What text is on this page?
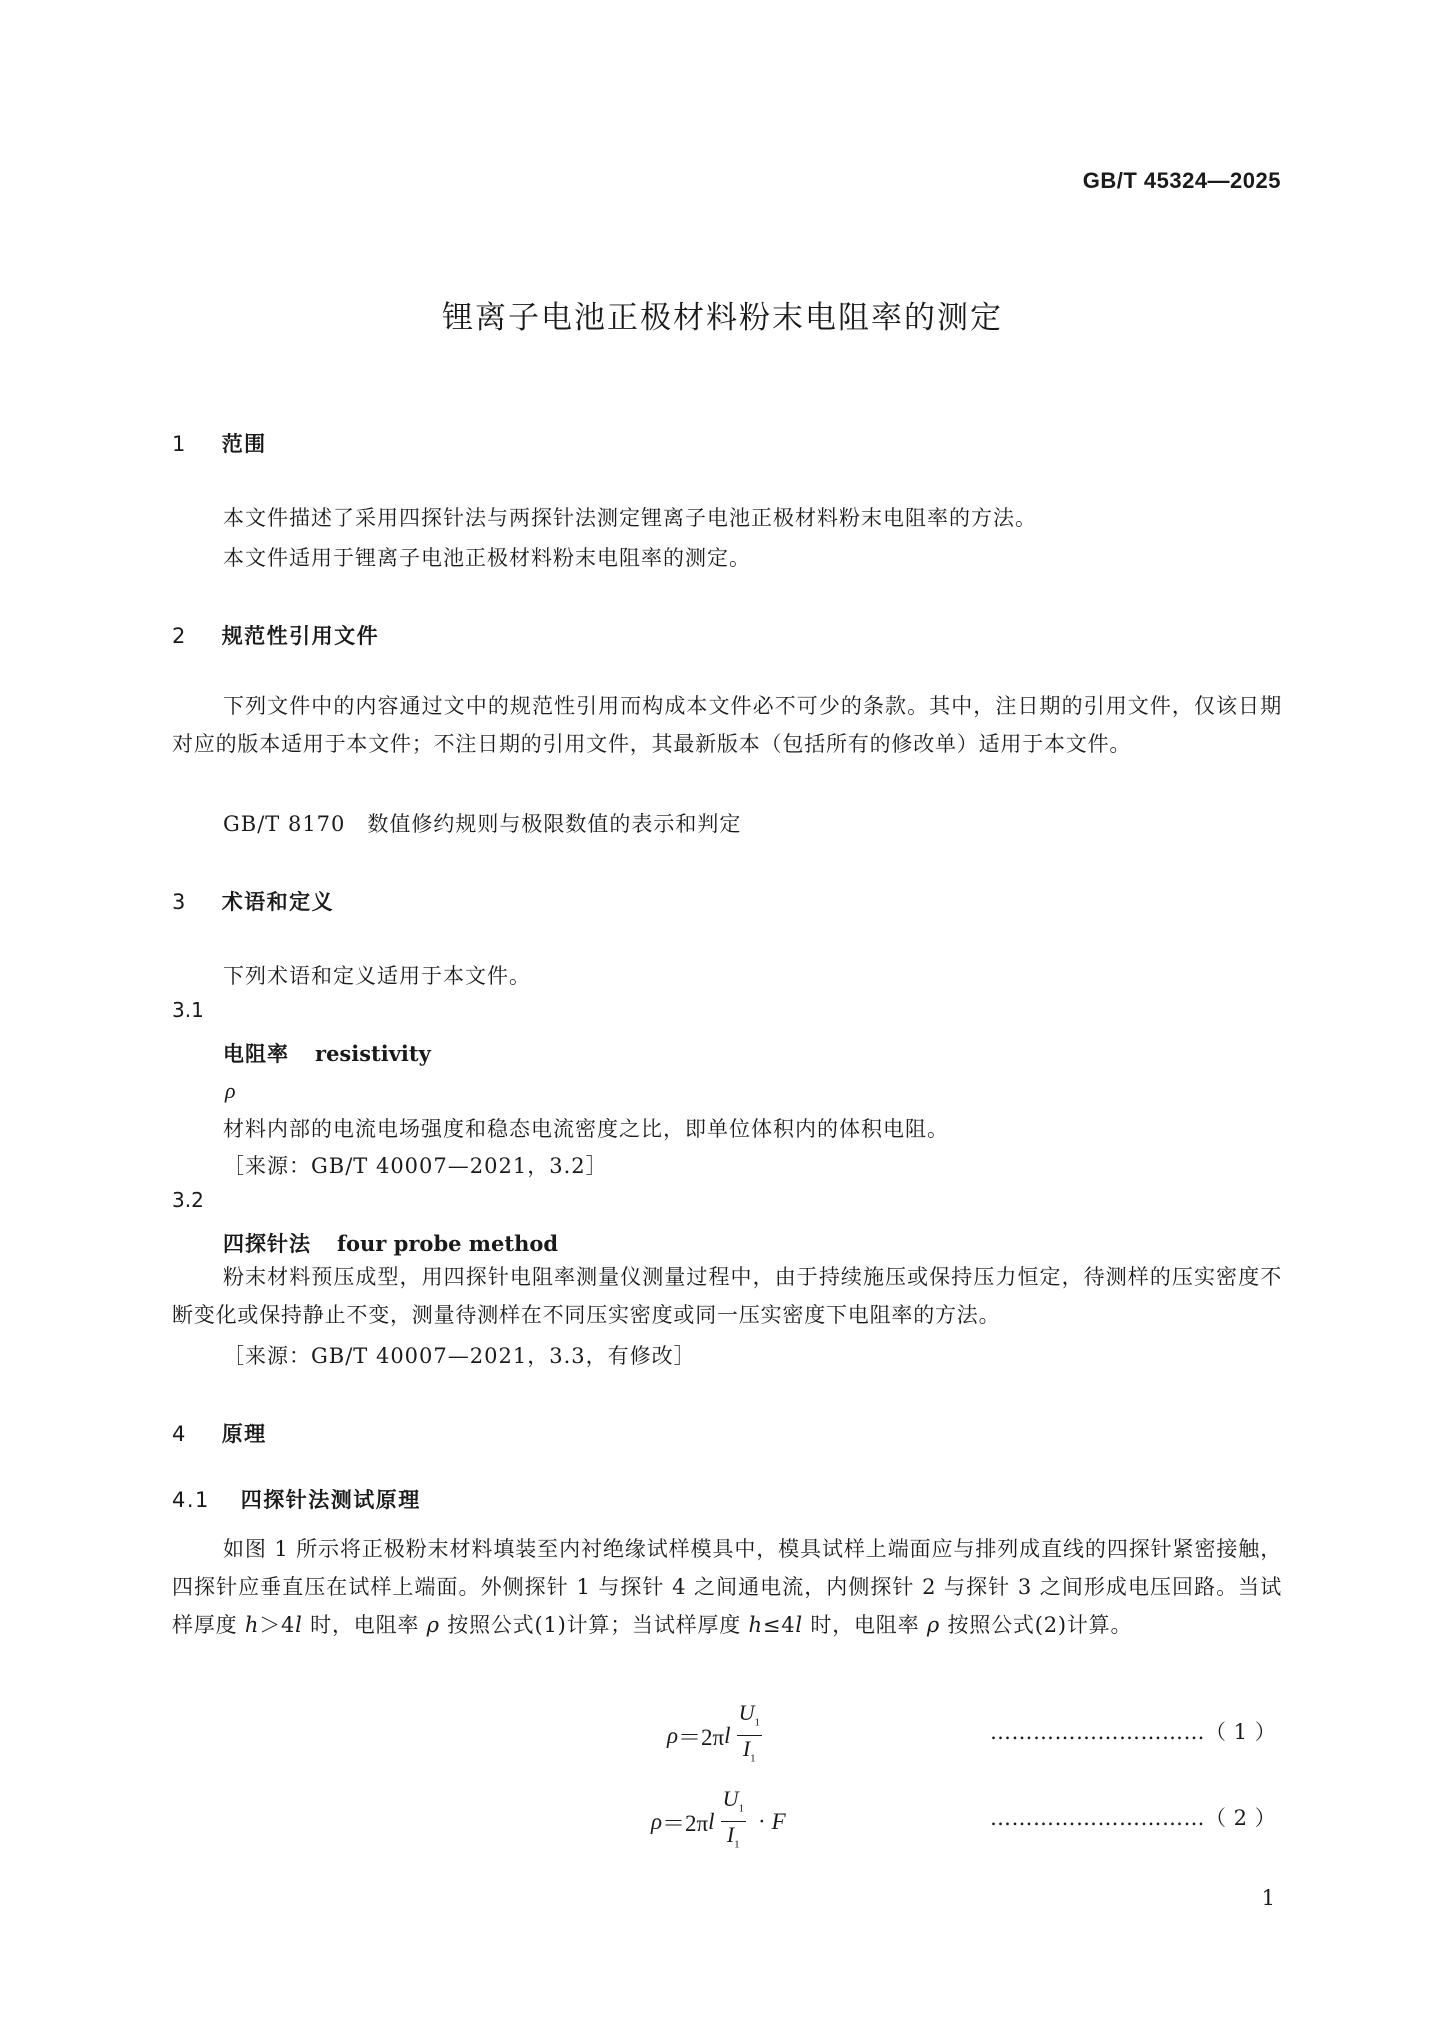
GB/T 45324—2025
锂离子电池正极材料粉末电阻率的测定
1 范围
本文件描述了采用四探针法与两探针法测定锂离子电池正极材料粉末电阻率的方法。
本文件适用于锂离子电池正极材料粉末电阻率的测定。
2 规范性引用文件
下列文件中的内容通过文中的规范性引用而构成本文件必不可少的条款。其中，注日期的引用文件，仅该日期对应的版本适用于本文件；不注日期的引用文件，其最新版本（包括所有的修改单）适用于本文件。
GB/T 8170　数值修约规则与极限数值的表示和判定
3 术语和定义
下列术语和定义适用于本文件。
3.1
电阻率 resistivity
ρ
材料内部的电流电场强度和稳态电流密度之比，即单位体积内的体积电阻。
［来源：GB/T 40007—2021，3.2］
3.2
四探针法 four probe method
粉末材料预压成型，用四探针电阻率测量仪测量过程中，由于持续施压或保持压力恒定，待测样的压实密度不断变化或保持静止不变，测量待测样在不同压实密度或同一压实密度下电阻率的方法。
［来源：GB/T 40007—2021，3.3，有修改］
4 原理
4.1 四探针法测试原理
如图 1 所示将正极粉末材料填装至内衬绝缘试样模具中，模具试样上端面应与排列成直线的四探针紧密接触，四探针应垂直压在试样上端面。外侧探针 1 与探针 4 之间通电流，内侧探针 2 与探针 3 之间形成电压回路。当试样厚度 h＞4l 时，电阻率 ρ 按照公式(1)计算；当试样厚度 h≤4l 时，电阻率 ρ 按照公式(2)计算。
ρ ＝2π l $\frac{U_1}{I_1}$	…………………………（ 1 ）
ρ ＝2π l $\frac{U_1}{I_1} \cdot F$	…………………………（ 2 ）
1
